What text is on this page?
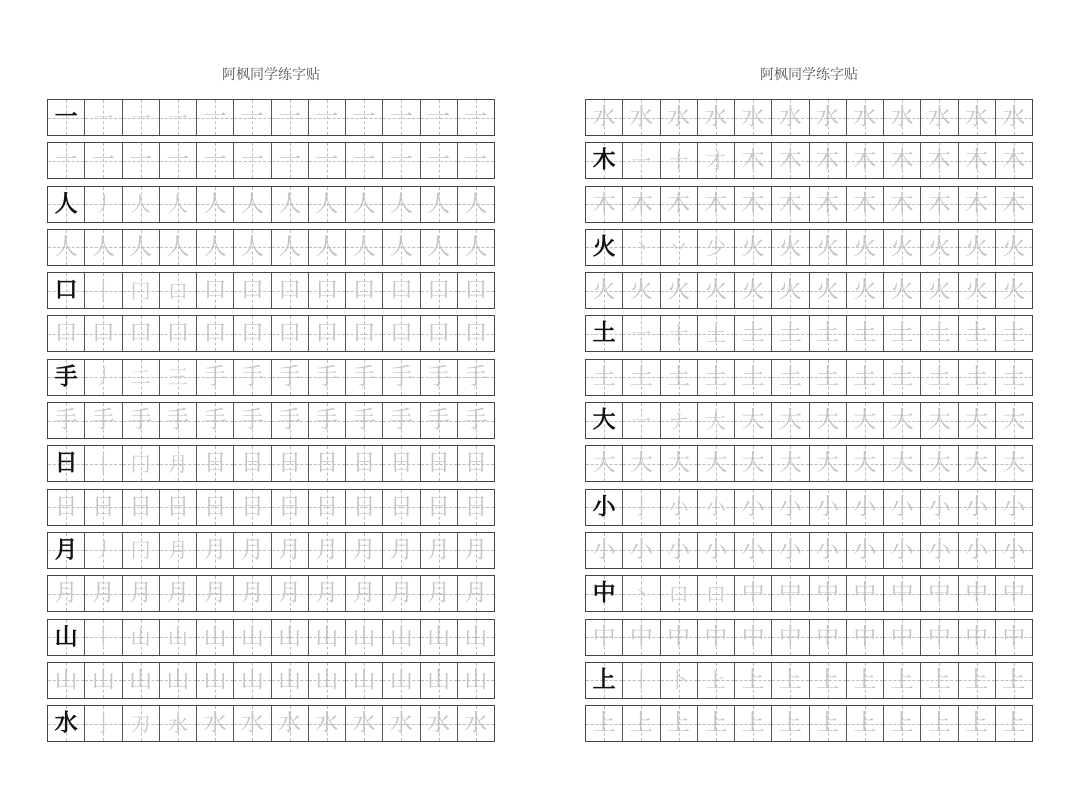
阿枫同学练字贴	阿枫同学练字贴
一 一 一 一 一 一 一 一 一 一 一 一
一 一 一 一 一 一 一 一 一 一 一 一
人 丿 人 人 人 人 人 人 人 人 人 人
人 人 人 人 人 人 人 人 人 人 人 人
口 丨 冂 口 口 口 口 口 口 口 口 口
口 口 口 口 口 口 口 口 口 口 口 口
手 丿 二 三 手 手 手 手 手 手 手 手
手 手 手 手 手 手 手 手 手 手 手 手
日 丨 冂 月 日 日 日 日 日 日 日 日
日 日 日 日 日 日 日 日 日 日 日 日
月 丿 冂 月 月 月 月 月 月 月 月 月
月 月 月 月 月 月 月 月 月 月 月 月
山 丨 山 山 山 山 山 山 山 山 山 山
山 山 山 山 山 山 山 山 山 山 山 山
水 亅 刀 水 水 水 水 水 水 水 水 水
水 水 水 水 水 水 水 水 水 水 水 水
木 一 十 才 木 木 木 木 木 木 木 木
木 木 木 木 木 木 木 木 木 木 木 木
火 丶 丷 少 火 火 火 火 火 火 火 火
火 火 火 火 火 火 火 火 火 火 火 火
土 一 十 土 土 土 土 土 土 土 土 土
土 土 土 土 土 土 土 土 土 土 土 土
大 一 ナ 大 大 大 大 大 大 大 大 大
大 大 大 大 大 大 大 大 大 大 大 大
小 亅 小 小 小 小 小 小 小 小 小 小
小 小 小 小 小 小 小 小 小 小 小 小
中 丶 口 口 中 中 中 中 中 中 中 中
中 中 中 中 中 中 中 中 中 中 中 中
上 丨 卜 上 上 上 上 上 上 上 上 上
上 上 上 上 上 上 上 上 上 上 上 上
